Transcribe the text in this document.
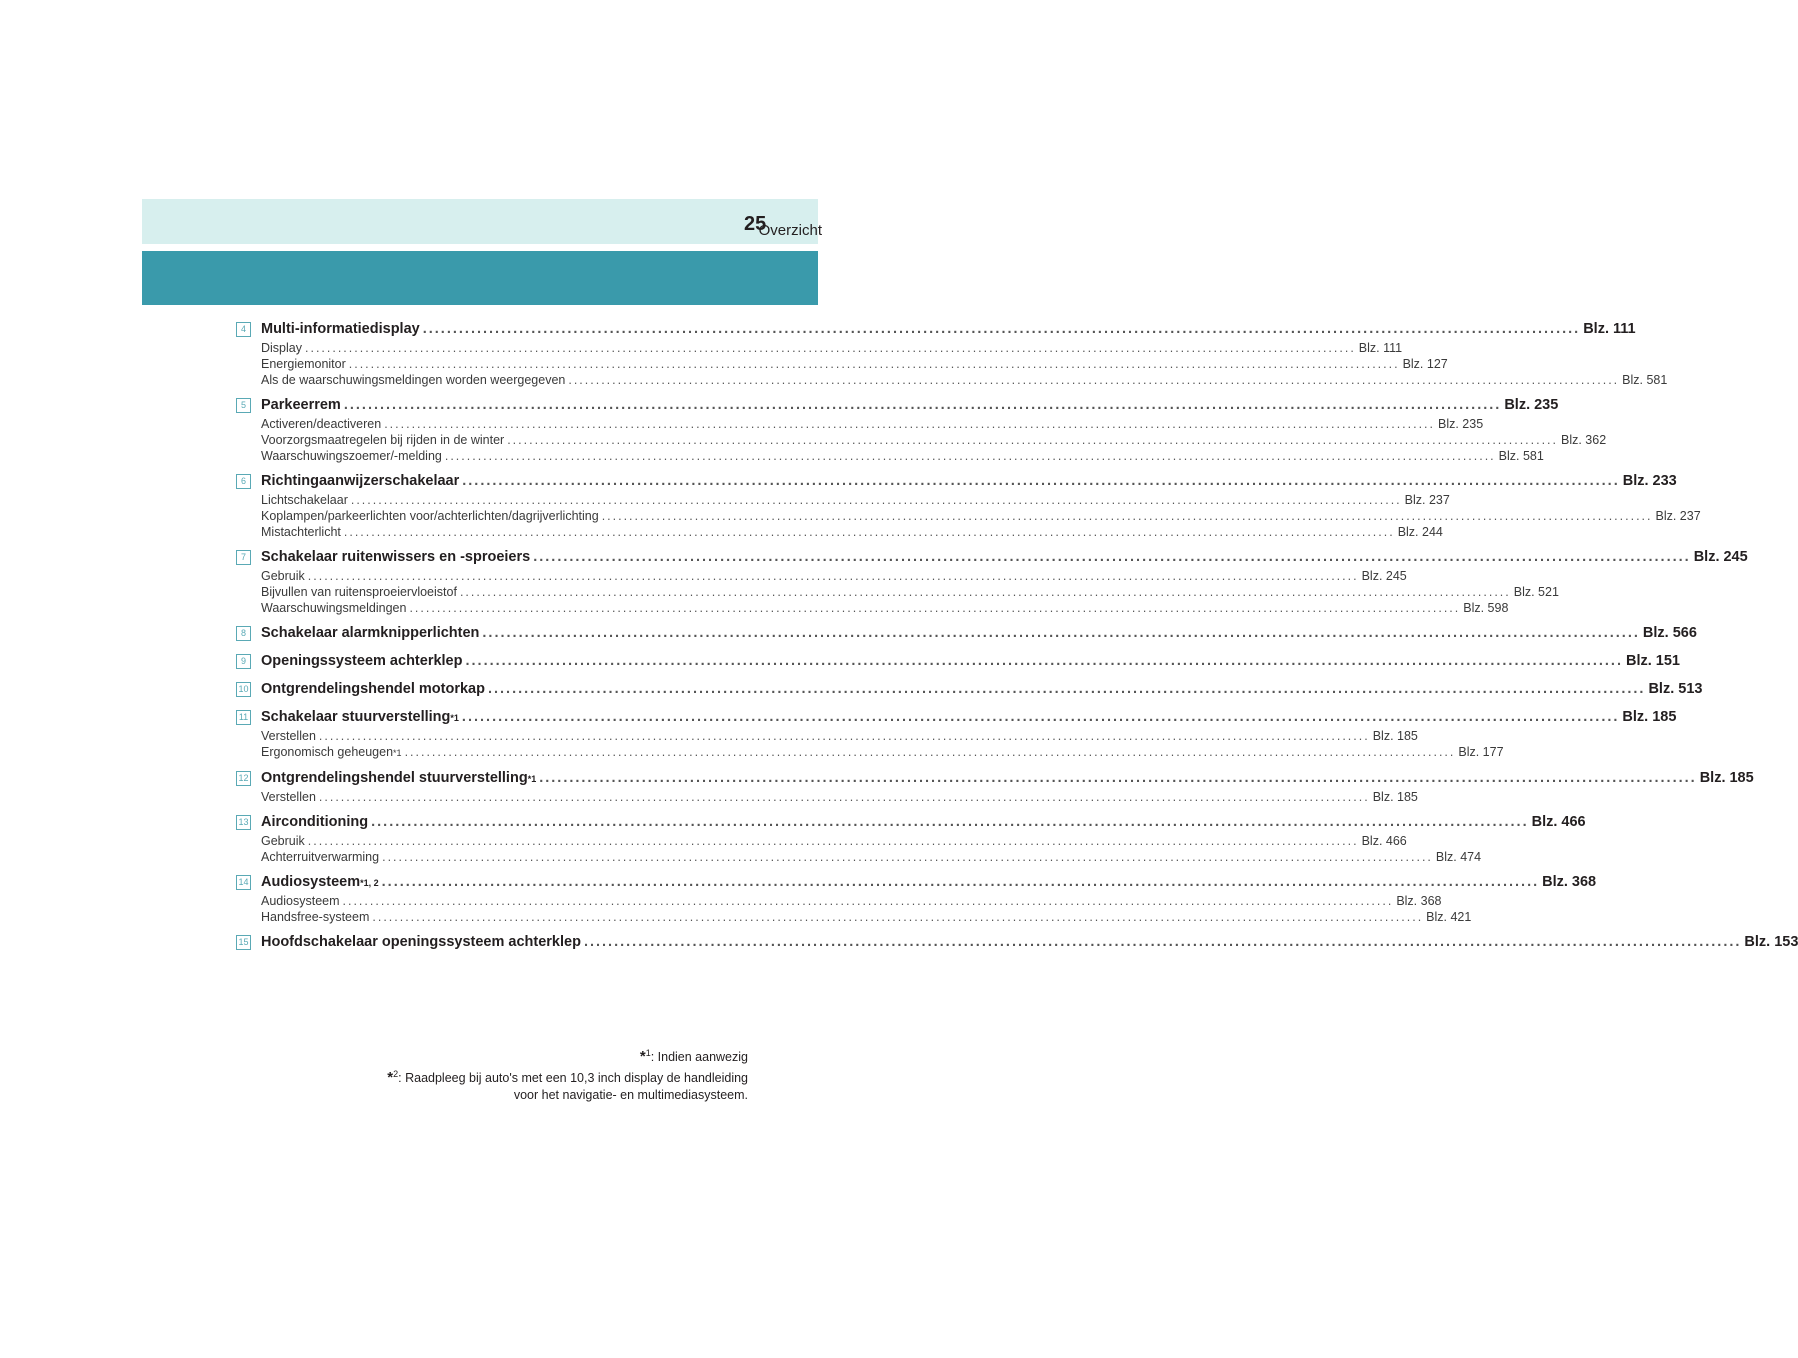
Overzicht
25
4	Multi-informatiedisplay .....	Blz. 111
Display .....	Blz. 111
Energiemonitor .....	Blz. 127
Als de waarschuwingsmeldingen worden weergegeven .....	Blz. 581
5	Parkeerrem .....	Blz. 235
Activeren/deactiveren .....	Blz. 235
Voorzorgsmaatregelen bij rijden in de winter .....	Blz. 362
Waarschuwingszoemer/-melding .....	Blz. 581
6	Richtingaanwijzerschakelaar .....	Blz. 233
Lichtschakelaar .....	Blz. 237
Koplampen/parkeerlichten voor/achterlichten/dagrijverlichting .....	Blz. 237
Mistachterlicht .....	Blz. 244
7	Schakelaar ruitenwissers en -sproeiers .....	Blz. 245
Gebruik .....	Blz. 245
Bijvullen van ruitensproeiervloeistof .....	Blz. 521
Waarschuwingsmeldingen .....	Blz. 598
8	Schakelaar alarmknipperlichten .....	Blz. 566
9	Openingssysteem achterklep .....	Blz. 151
10 Ontgrendelingshendel motorkap .....	Blz. 513
11 Schakelaar stuurverstelling *1 .....	Blz. 185
Verstellen .....	Blz. 185
Ergonomisch geheugen *1 .....	Blz. 177
12 Ontgrendelingshendel stuurverstelling *1 .....	Blz. 185
Verstellen .....	Blz. 185
13 Airconditioning .....	Blz. 466
Gebruik .....	Blz. 466
Achterruitverwarming .....	Blz. 474
14 Audiosysteem *1, 2 .....	Blz. 368
Audiosysteem .....	Blz. 368
Handsfree-systeem .....	Blz. 421
15 Hoofdschakelaar openingssysteem achterklep .....	Blz. 153
*$^1$: Indien aanwezig
*$^2$: Raadpleeg bij auto's met een 10,3 inch display de handleiding
voor het navigatie- en multimediasysteem.
